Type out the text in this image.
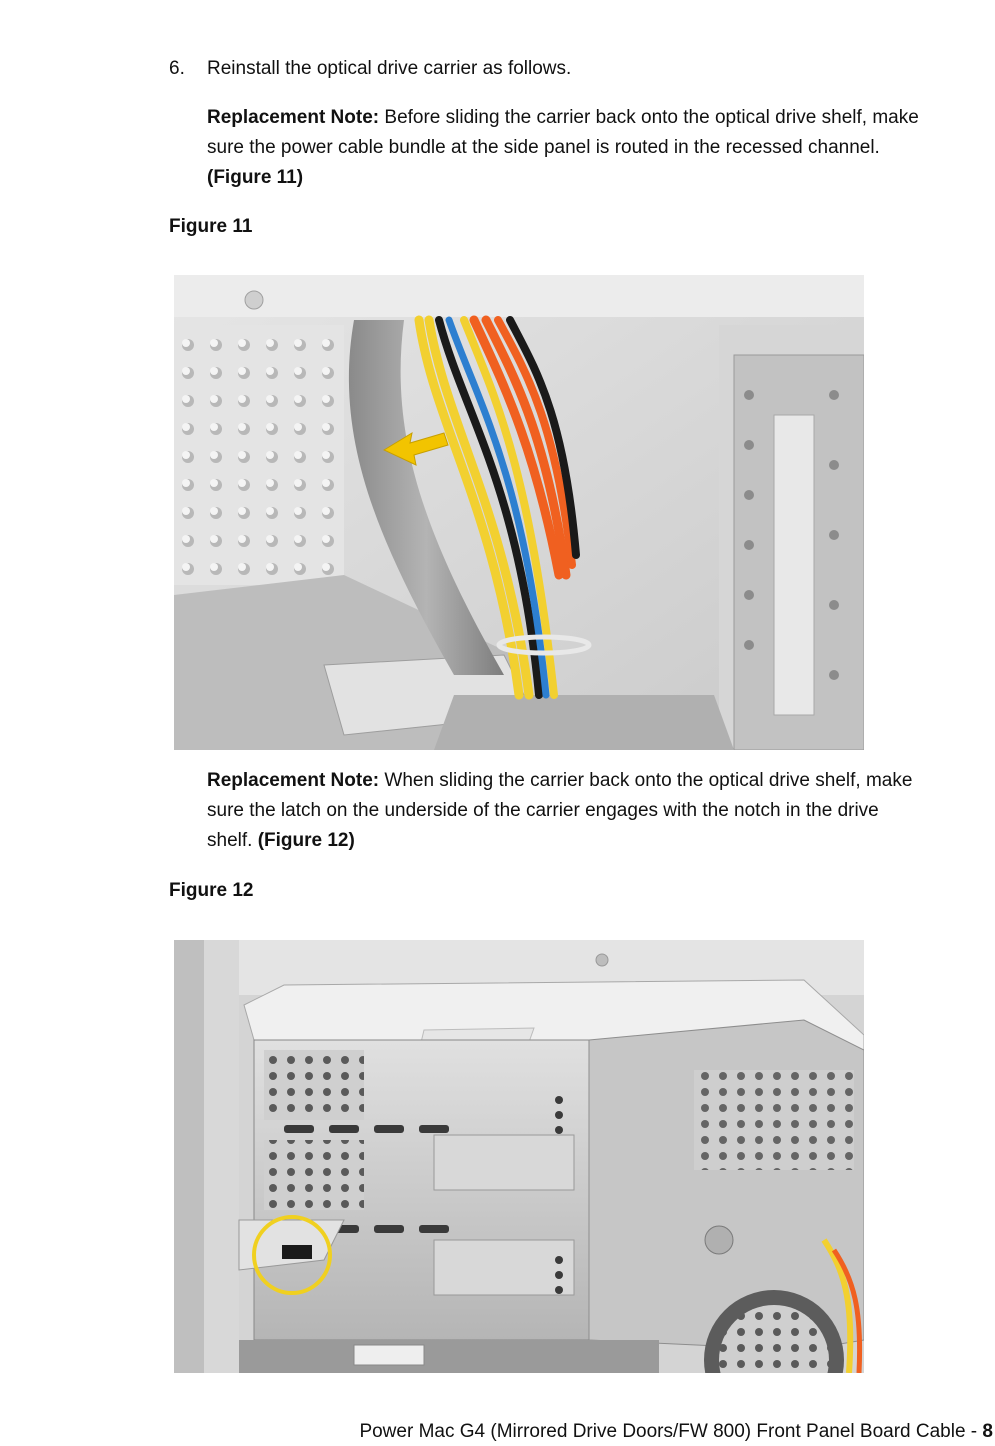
6. Reinstall the optical drive carrier as follows.
Replacement Note: Before sliding the carrier back onto the optical drive shelf, make
sure the power cable bundle at the side panel is routed in the recessed channel.
(Figure 11)
Figure 11
Replacement Note: When sliding the carrier back onto the optical drive shelf, make
sure the latch on the underside of the carrier engages with the notch in the drive
shelf. (Figure 12)
Figure 12
Power Mac G4 (Mirrored Drive Doors/FW 800) Front Panel Board Cable - 8
